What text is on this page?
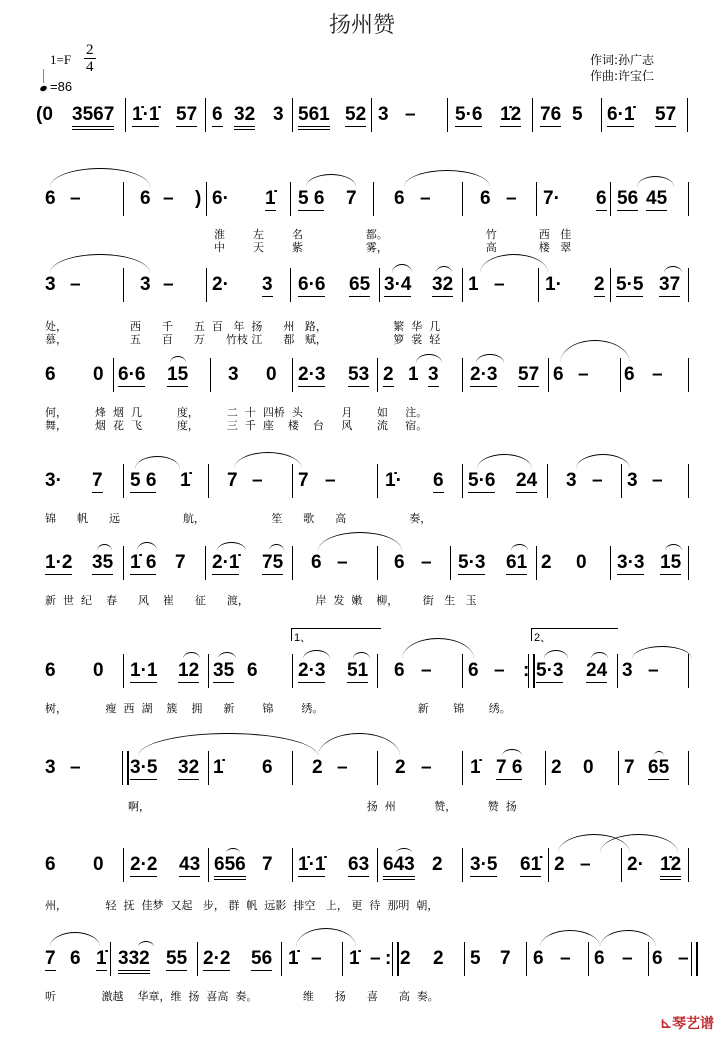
扬州赞
1=F
2
4
=86
作词:孙广志
作曲:许宝仁
(0 3567 1̇·1̇ 57 6 32 3 561 52 3 – 5·6 1̇2 76 5 6·1̇ 57
6 –	6 – ) 6· 1̇ 5 6 7 6 –	6 – 7· 6 56 45
淮        左        名                  都。                            竹            西   佳
中        天        紫                  雾，                            高            楼   翠
3 –	3 – 2· 3 6·6 65 3·4 32 1 – 1· 2 5·5 37
处，                  西      千      五  百   年  扬      州   路，                   繁  华  几
慕，                  五      百      万      竹枝 江      都   赋，                   箩  裳  轻
6 0 6·6 15 3 0 2·3 53 2 1 3 2·3 57 6 – 6 –
何，        烽  烟  几          度，        二  十  四桥  头           月       如     注。
舞，        烟  花  飞          度，        三  千  座    楼    台     风       流     宿。
3· 7 5 6 1̇ 7 – 7 –	1̇· 6 5·6 24 3 – 3 –
锦      帆      远                  航，                   笙      歌      高                  奏，
1·2 35 1̇ 6 7 2·1̇ 75 6 – 6 – 5·3 61 2 0 3·3 15
新  世  纪    春      风    崔      征      渡，                   岸  发  嫩    柳，       街   生   玉
6 0 1·1 12 35 6 2·3 51 6 – 6 – : 5·3 24 3 –
1、	2、
树，           瘦  西  湖    簇    拥      新        锦        绣。                           新       锦       绣。
3 –	3·5 32 1̇ 6 2 – 2 – 1̇ 7 6 2 0 7 65
啊，                                                              扬  州           赞，         赞  扬
6 0 2·2 43 656 7 1̇·1̇ 63 643 2 3·5 61̇ 2 – 2· 1̇2
州，           轻  抚  佳梦  又起   步， 群  帆  远影  排空   上， 更  待  那明  朝，
7 6 1̇ 332 55 2·2 56 1̇ – 1̇ – : 2 2 5 7 6 – 6 – 6 –
听             激越    华章，维  扬  喜高  奏。             维      扬      喜      高  奏。
⊾琴艺谱
